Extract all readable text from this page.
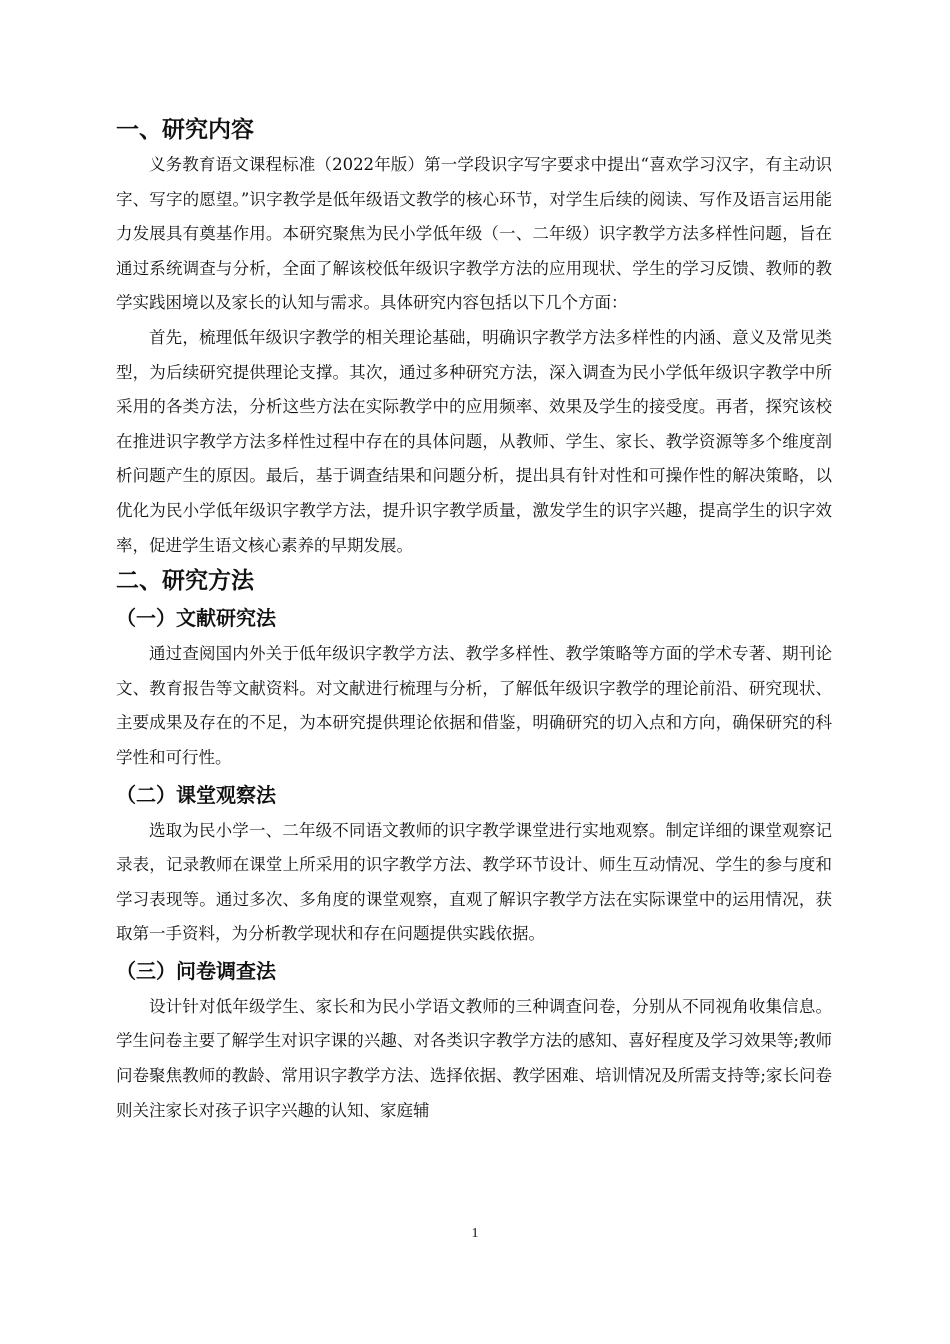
一、研究内容

义务教育语文课程标准（2022年版）第一学段识字写字要求中提出“喜欢学习汉字，有主动识字、写字的愿望。”识字教学是低年级语文教学的核心环节，对学生后续的阅读、写作及语言运用能力发展具有奠基作用。本研究聚焦为民小学低年级（一、二年级）识字教学方法多样性问题，旨在通过系统调查与分析，全面了解该校低年级识字教学方法的应用现状、学生的学习反馈、教师的教学实践困境以及家长的认知与需求。具体研究内容包括以下几个方面：

首先，梳理低年级识字教学的相关理论基础，明确识字教学方法多样性的内涵、意义及常见类型，为后续研究提供理论支撑。其次，通过多种研究方法，深入调查为民小学低年级识字教学中所采用的各类方法，分析这些方法在实际教学中的应用频率、效果及学生的接受度。再者，探究该校在推进识字教学方法多样性过程中存在的具体问题，从教师、学生、家长、教学资源等多个维度剖析问题产生的原因。最后，基于调查结果和问题分析，提出具有针对性和可操作性的解决策略，以优化为民小学低年级识字教学方法，提升识字教学质量，激发学生的识字兴趣，提高学生的识字效率，促进学生语文核心素养的早期发展。

二、研究方法
（一）文献研究法

通过查阅国内外关于低年级识字教学方法、教学多样性、教学策略等方面的学术专著、期刊论文、教育报告等文献资料。对文献进行梳理与分析，了解低年级识字教学的理论前沿、研究现状、主要成果及存在的不足，为本研究提供理论依据和借鉴，明确研究的切入点和方向，确保研究的科学性和可行性。

（二）课堂观察法

选取为民小学一、二年级不同语文教师的识字教学课堂进行实地观察。制定详细的课堂观察记录表，记录教师在课堂上所采用的识字教学方法、教学环节设计、师生互动情况、学生的参与度和学习表现等。通过多次、多角度的课堂观察，直观了解识字教学方法在实际课堂中的运用情况，获取第一手资料，为分析教学现状和存在问题提供实践依据。

（三）问卷调查法

设计针对低年级学生、家长和为民小学语文教师的三种调查问卷，分别从不同视角收集信息。学生问卷主要了解学生对识字课的兴趣、对各类识字教学方法的感知、喜好程度及学习效果等;教师问卷聚焦教师的教龄、常用识字教学方法、选择依据、教学困难、培训情况及所需支持等;家长问卷则关注家长对孩子识字兴趣的认知、家庭辅

1
